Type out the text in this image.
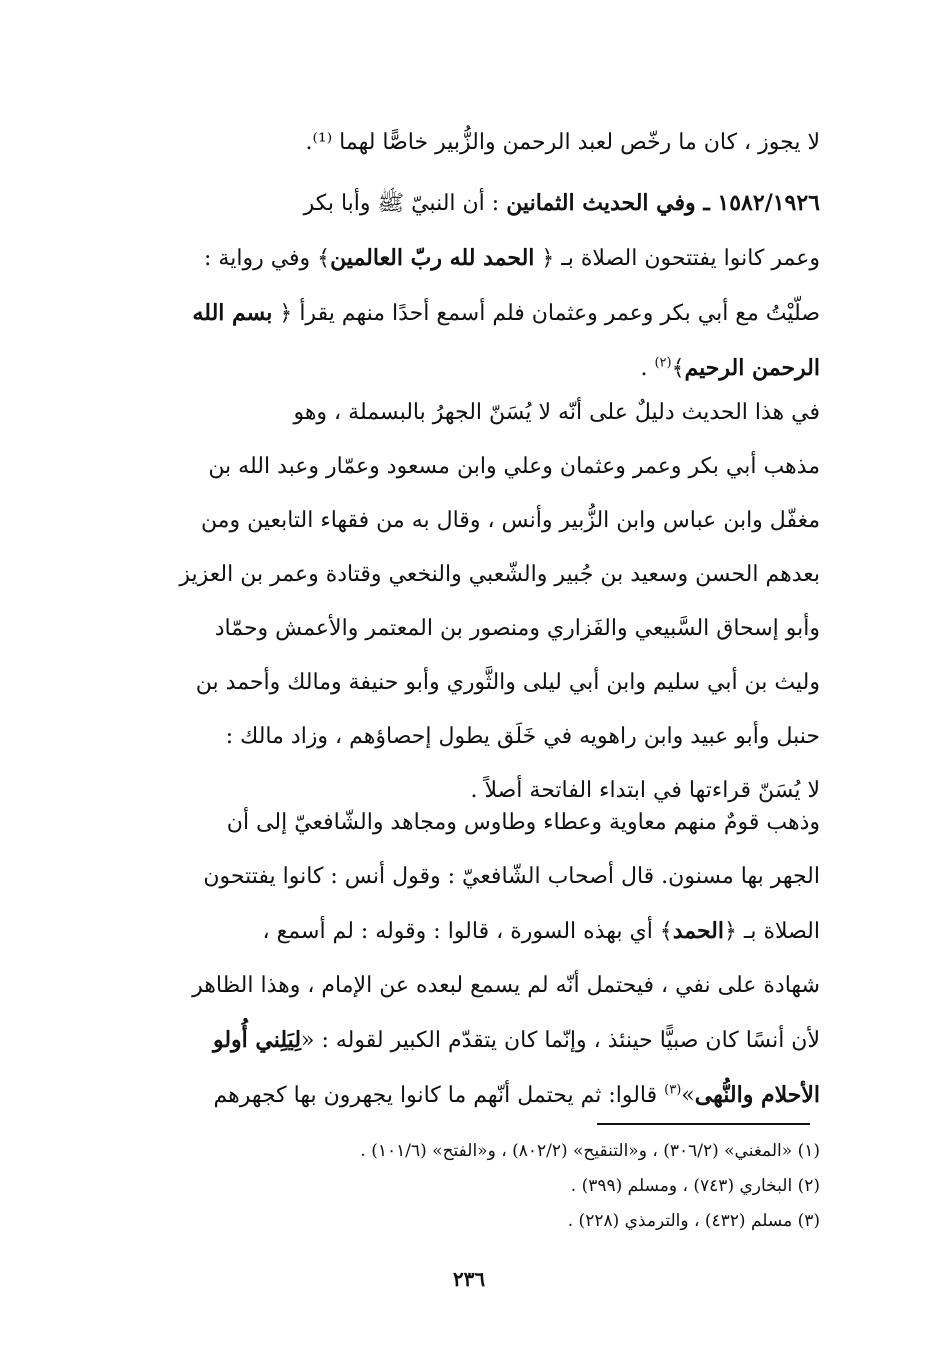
لا يجوز ، كان ما رخّص لعبد الرحمن والزُّبير خاصًّا لهما ⁽¹⁾.
١٥٨٢/١٩٢٦ ـ وفي الحديث الثمانين : أن النبيّ ﷺ وأبا بكر
وعمر كانوا يفتتحون الصلاة بـ ﴿ الحمد لله ربّ العالمين﴾ وفي رواية :
صلّيْتُ مع أبي بكر وعمر وعثمان فلم أسمع أحدًا منهم يقرأ ﴿ بسم الله
الرحمن الرحيم﴾$^{(٢)}$ .
في هذا الحديث دليلٌ على أنّه لا يُسَنّ الجهرُ بالبسملة ، وهو
مذهب أبي بكر وعمر وعثمان وعلي وابن مسعود وعمّار وعبد الله بن
مغفّل وابن عباس وابن الزُّبير وأنس ، وقال به من فقهاء التابعين ومن
بعدهم الحسن وسعيد بن جُبير والشّعبي والنخعي وقتادة وعمر بن العزيز
وأبو إسحاق السَّبيعي والفَزاري ومنصور بن المعتمر والأعمش وحمّاد
وليث بن أبي سليم وابن أبي ليلى والثَّوري وأبو حنيفة ومالك وأحمد بن
حنبل وأبو عبيد وابن راهويه في خَلَق يطول إحصاؤهم ، وزاد مالك :
لا يُسَنّ قراءتها في ابتداء الفاتحة أصلاً .
وذهب قومٌ منهم معاوية وعطاء وطاوس ومجاهد والشّافعيّ إلى أن
الجهر بها مسنون. قال أصحاب الشّافعيّ : وقول أنس : كانوا يفتتحون
الصلاة بـ ﴿الحمد﴾ أي بهذه السورة ، قالوا : وقوله : لم أسمع ،
شهادة على نفي ، فيحتمل أنّه لم يسمع لبعده عن الإمام ، وهذا الظاهر
لأن أنسًا كان صبيًّا حينئذ ، وإنّما كان يتقدّم الكبير لقوله : «لِيَلِني أُولو
الأحلام والنُّهى»$^{(٣)}$ قالوا: ثم يحتمل أنّهم ما كانوا يجهرون بها كجهرهم
(١) «المغني» (٣٠٦/٢) ، و«التنقيح» (٨٠٢/٢) ، و«الفتح» (١٠١/٦) .
(٢) البخاري (٧٤٣) ، ومسلم (٣٩٩) .
(٣) مسلم (٤٣٢) ، والترمذي (٢٢٨) .
٢٣٦
